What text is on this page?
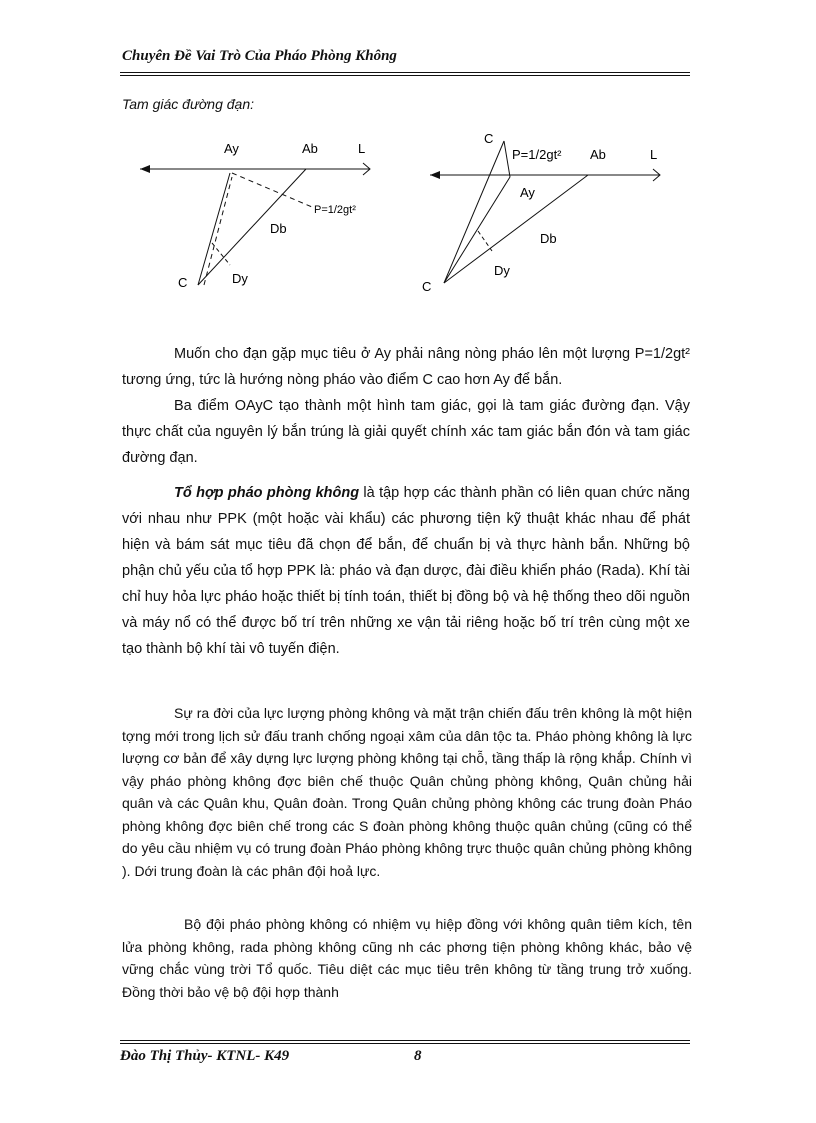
Chuyên Đề Vai Trò Của Pháo Phòng Không
Tam giác đường đạn:
Ay	Ab	L
P=1/2gt²
Db
Dy
C
C
P=1/2gt² Ab	L
Ay
Db
Dy
C

Muốn cho đạn gặp mục tiêu ở Ay phải nâng nòng pháo lên một lượng P=1/2gt² tương ứng, tức là hướng nòng pháo vào điểm C cao hơn Ay để bắn.

Ba điểm OAyC tạo thành một hình tam giác, gọi là tam giác đường đạn. Vậy thực chất của nguyên lý bắn trúng là giải quyết chính xác tam giác bắn đón và tam giác đường đạn.

Tổ hợp pháo phòng không là tập hợp các thành phần có liên quan chức năng với nhau như PPK (một hoặc vài khẩu) các phương tiện kỹ thuật khác nhau để phát hiện và bám sát mục tiêu đã chọn để bắn, để chuẩn bị và thực hành bắn. Những bộ phận chủ yếu của tổ hợp PPK là: pháo và đạn dược, đài điều khiển pháo (Rada). Khí tài chỉ huy hỏa lực pháo hoặc thiết bị tính toán, thiết bị đồng bộ và hệ thống theo dõi nguồn và máy nổ có thể được bố trí trên những xe vận tải riêng hoặc bố trí trên cùng một xe tạo thành bộ khí tài vô tuyến điện.

Sự ra đời của lực lượng phòng không và mặt trận chiến đấu trên không là một hiện tợng mới trong lịch sử đấu tranh chống ngoại xâm của dân tộc ta. Pháo phòng không là lực lượng cơ bản để xây dựng lực lượng phòng không tại chỗ, tầng thấp là rộng khắp. Chính vì vậy pháo phòng không đợc biên chế thuộc Quân chủng phòng không, Quân chủng hải quân và các Quân khu, Quân đoàn. Trong Quân chủng phòng không các trung đoàn Pháo phòng không đợc biên chế trong các S đoàn phòng không thuộc quân chủng (cũng có thể do yêu cầu nhiệm vụ có trung đoàn Pháo phòng không trực thuộc quân chủng phòng không ). Dới trung đoàn là các phân đội hoả lực.

Bộ đội pháo phòng không có nhiệm vụ hiệp đồng với không quân tiêm kích, tên lửa phòng không, rada phòng không cũng nh các phơng tiện phòng không khác, bảo vệ vững chắc vùng trời Tổ quốc. Tiêu diệt các mục tiêu trên không từ tầng trung trở xuống. Đồng thời bảo vệ bộ đội hợp thành

Đào Thị Thủy- KTNL- K49	8
